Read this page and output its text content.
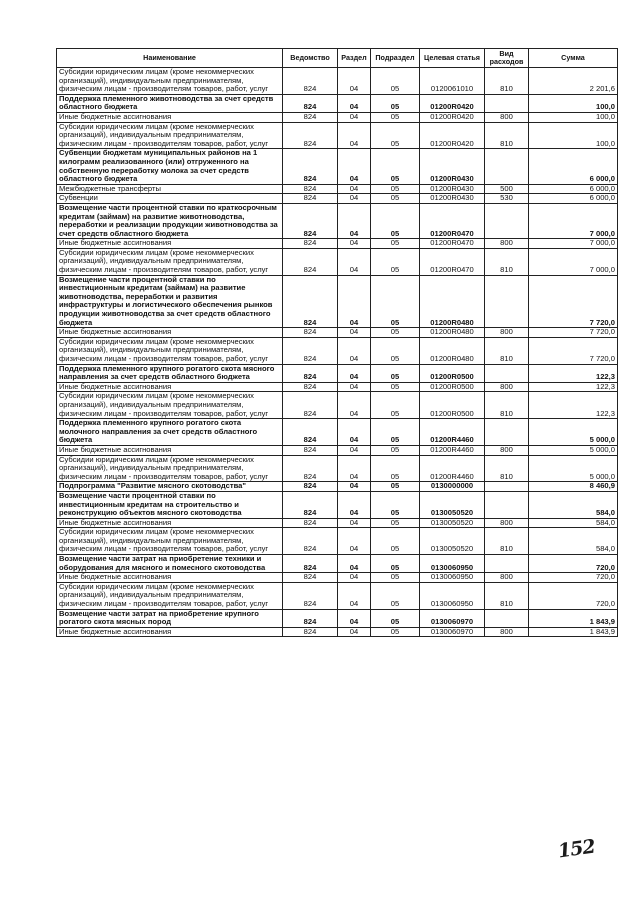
Наименование	Ведомство	Раздел	Подраздел	Целевая статья	Вид расходов	Сумма
Субсидии юридическим лицам (кроме некоммерческих организаций), индивидуальным предпринимателям, физическим лицам - производителям товаров, работ, услуг	824	04	05	0120061010	810	2 201,6
Поддержка племенного животноводства за счет средств областного бюджета	824	04	05	01200R0420		100,0
Иные бюджетные ассигнования	824	04	05	01200R0420	800	100,0
Субсидии юридическим лицам (кроме некоммерческих организаций), индивидуальным предпринимателям, физическим лицам - производителям товаров, работ, услуг	824	04	05	01200R0420	810	100,0
Субвенции бюджетам муниципальных районов на 1 килограмм реализованного (или) отгруженного на собственную переработку молока за счет средств областного бюджета	824	04	05	01200R0430		6 000,0
Межбюджетные трансферты	824	04	05	01200R0430	500	6 000,0
Субвенции	824	04	05	01200R0430	530	6 000,0
Возмещение части процентной ставки по краткосрочным кредитам (займам) на развитие животноводства, переработки и реализации продукции животноводства за счет средств областного бюджета	824	04	05	01200R0470		7 000,0
Иные бюджетные ассигнования	824	04	05	01200R0470	800	7 000,0
Субсидии юридическим лицам (кроме некоммерческих организаций), индивидуальным предпринимателям, физическим лицам - производителям товаров, работ, услуг	824	04	05	01200R0470	810	7 000,0
Возмещение части процентной ставки по инвестиционным кредитам (займам) на развитие животноводства, переработки и развития инфраструктуры и логистического обеспечения рынков продукции животноводства за счет средств областного бюджета	824	04	05	01200R0480		7 720,0
Иные бюджетные ассигнования	824	04	05	01200R0480	800	7 720,0
Субсидии юридическим лицам (кроме некоммерческих организаций), индивидуальным предпринимателям, физическим лицам - производителям товаров, работ, услуг	824	04	05	01200R0480	810	7 720,0
Поддержка племенного крупного рогатого скота мясного направления за счет средств областного бюджета	824	04	05	01200R0500		122,3
Иные бюджетные ассигнования	824	04	05	01200R0500	800	122,3
Субсидии юридическим лицам (кроме некоммерческих организаций), индивидуальным предпринимателям, физическим лицам - производителям товаров, работ, услуг	824	04	05	01200R0500	810	122,3
Поддержка племенного крупного рогатого скота молочного направления за счет средств областного бюджета	824	04	05	01200R4460		5 000,0
Иные бюджетные ассигнования	824	04	05	01200R4460	800	5 000,0
Субсидии юридическим лицам (кроме некоммерческих организаций), индивидуальным предпринимателям, физическим лицам - производителям товаров, работ, услуг	824	04	05	01200R4460	810	5 000,0
Подпрограмма "Развитие мясного скотоводства"	824	04	05	0130000000		8 460,9
Возмещение части процентной ставки по инвестиционным кредитам на строительство и реконструкцию объектов мясного скотоводства	824	04	05	0130050520		584,0
Иные бюджетные ассигнования	824	04	05	0130050520	800	584,0
Субсидии юридическим лицам (кроме некоммерческих организаций), индивидуальным предпринимателям, физическим лицам - производителям товаров, работ, услуг	824	04	05	0130050520	810	584,0
Возмещение части затрат на приобретение техники и оборудования для мясного и помесного скотоводства	824	04	05	0130060950		720,0
Иные бюджетные ассигнования	824	04	05	0130060950	800	720,0
Субсидии юридическим лицам (кроме некоммерческих организаций), индивидуальным предпринимателям, физическим лицам - производителям товаров, работ, услуг	824	04	05	0130060950	810	720,0
Возмещение части затрат на приобретение крупного рогатого скота мясных пород	824	04	05	0130060970		1 843,9
Иные бюджетные ассигнования	824	04	05	0130060970	800	1 843,9
152
